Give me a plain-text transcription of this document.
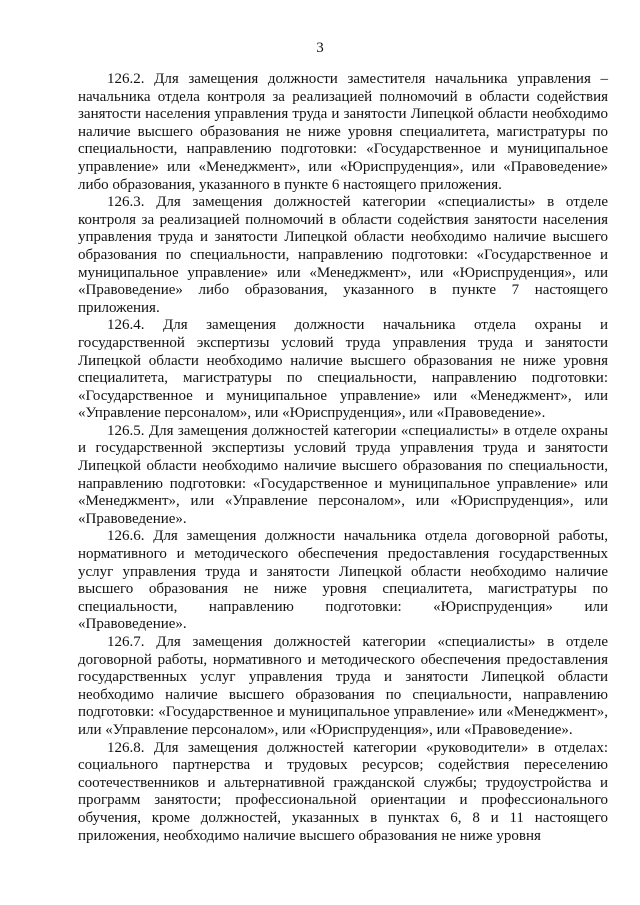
3

126.2. Для замещения должности заместителя начальника управления – начальника отдела контроля за реализацией полномочий в области содействия занятости населения управления труда и занятости Липецкой области необходимо наличие высшего образования не ниже уровня специалитета, магистратуры по специальности, направлению подготовки: «Государственное и муниципальное управление» или «Менеджмент», или «Юриспруденция», или «Правоведение» либо образования, указанного в пункте 6 настоящего приложения.

126.3. Для замещения должностей категории «специалисты» в отделе контроля за реализацией полномочий в области содействия занятости населения управления труда и занятости Липецкой области необходимо наличие высшего образования по специальности, направлению подготовки: «Государственное и муниципальное управление» или «Менеджмент», или «Юриспруденция», или «Правоведение» либо образования, указанного в пункте 7 настоящего приложения.

126.4. Для замещения должности начальника отдела охраны и государственной экспертизы условий труда управления труда и занятости Липецкой области необходимо наличие высшего образования не ниже уровня специалитета, магистратуры по специальности, направлению подготовки: «Государственное и муниципальное управление» или «Менеджмент», или «Управление персоналом», или «Юриспруденция», или «Правоведение».

126.5. Для замещения должностей категории «специалисты» в отделе охраны и государственной экспертизы условий труда управления труда и занятости Липецкой области необходимо наличие высшего образования по специальности, направлению подготовки: «Государственное и муниципальное управление» или «Менеджмент», или «Управление персоналом», или «Юриспруденция», или «Правоведение».

126.6. Для замещения должности начальника отдела договорной работы, нормативного и методического обеспечения предоставления государственных услуг управления труда и занятости Липецкой области необходимо наличие высшего образования не ниже уровня специалитета, магистратуры по специальности, направлению подготовки: «Юриспруденция» или «Правоведение».

126.7. Для замещения должностей категории «специалисты» в отделе договорной работы, нормативного и методического обеспечения предоставления государственных услуг управления труда и занятости Липецкой области необходимо наличие высшего образования по специальности, направлению подготовки: «Государственное и муниципальное управление» или «Менеджмент», или «Управление персоналом», или «Юриспруденция», или «Правоведение».

126.8. Для замещения должностей категории «руководители» в отделах: социального партнерства и трудовых ресурсов; содействия переселению соотечественников и альтернативной гражданской службы; трудоустройства и программ занятости; профессиональной ориентации и профессионального обучения, кроме должностей, указанных в пунктах 6, 8 и 11 настоящего приложения, необходимо наличие высшего образования не ниже уровня
